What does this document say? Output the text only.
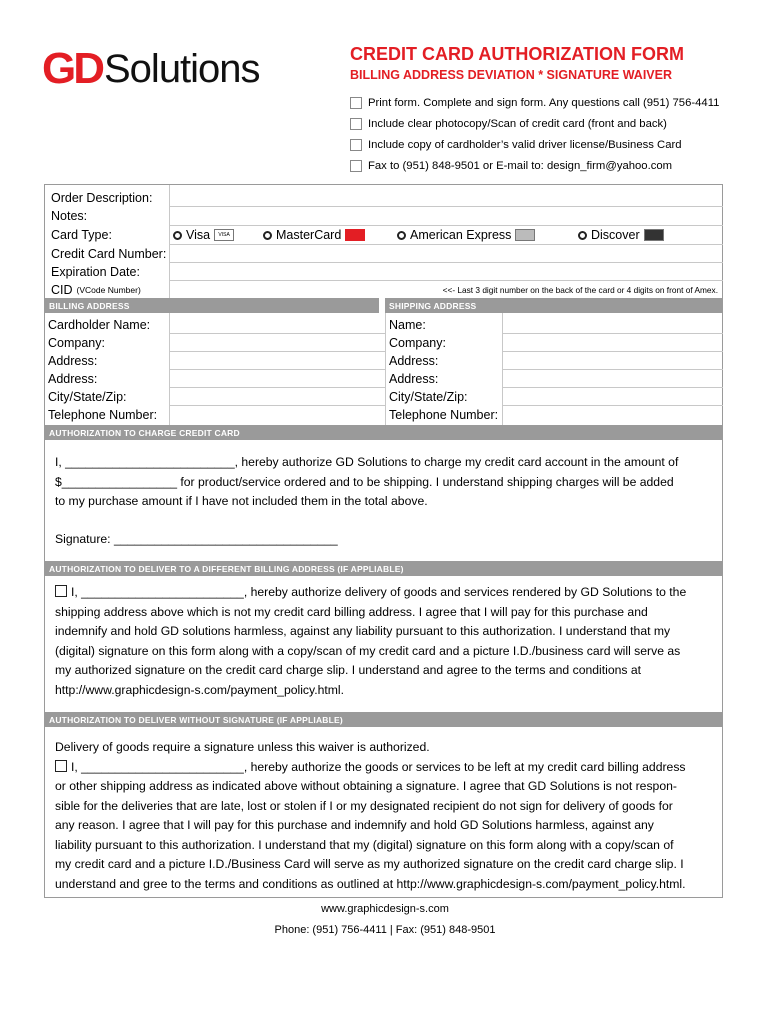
GD Solutions	CREDIT CARD AUTHORIZATION FORM
BILLING ADDRESS DEVIATION * SIGNATURE WAIVER
Print form. Complete and sign form. Any questions call (951) 756-4411
Include clear photocopy/Scan of credit card (front and back)
Include copy of cardholder’s valid driver license/Business Card
Fax to (951) 848-9501 or E-mail to: design_firm@yahoo.com
Order Description:
Notes:
Card Type:	Visa	VISA	MasterCard	American Express	Discover
Credit Card Number:
Expiration Date:
CID (VCode Number)	<<- Last 3 digit number on the back of the card or 4 digits on front of Amex.
BILLING ADDRESS	SHIPPING ADDRESS
Cardholder Name:
Company:
Address:
Address:
City/State/Zip:
Telephone Number:
Name:
Company:
Address:
Address:
City/State/Zip:
Telephone Number:
AUTHORIZATION TO CHARGE CREDIT CARD
I, _________________________, hereby authorize GD Solutions to charge my credit card account in the amount of
$_________________ for product/service ordered and to be shipping. I understand shipping charges will be added
to my purchase amount if I have not included them in the total above.
Signature: _________________________________
AUTHORIZATION TO DELIVER TO A DIFFERENT BILLING ADDRESS (IF APPLIABLE)
I, ________________________, hereby authorize delivery of goods and services rendered by GD Solutions to the
shipping address above which is not my credit card billing address. I agree that I will pay for this purchase and
indemnify and hold GD solutions harmless, against any liability pursuant to this authorization. I understand that my
(digital) signature on this form along with a copy/scan of my credit card and a picture I.D./business card will serve as
my authorized signature on the credit card charge slip. I understand and agree to the terms and conditions at
http://www.graphicdesign-s.com/payment_policy.html.
AUTHORIZATION TO DELIVER WITHOUT SIGNATURE (IF APPLIABLE)
Delivery of goods require a signature unless this waiver is authorized.
I, ________________________, hereby authorize the goods or services to be left at my credit card billing address
or other shipping address as indicated above without obtaining a signature. I agree that GD Solutions is not respon-
sible for the deliveries that are late, lost or stolen if I or my designated recipient do not sign for delivery of goods for
any reason. I agree that I will pay for this purchase and indemnify and hold GD Solutions harmless, against any
liability pursuant to this authorization. I understand that my (digital) signature on this form along with a copy/scan of
my credit card and a picture I.D./Business Card will serve as my authorized signature on the credit card charge slip. I
understand and gree to the terms and conditions as outlined at http://www.graphicdesign-s.com/payment_policy.html.
www.graphicdesign-s.com
Phone: (951) 756-4411 | Fax: (951) 848-9501
